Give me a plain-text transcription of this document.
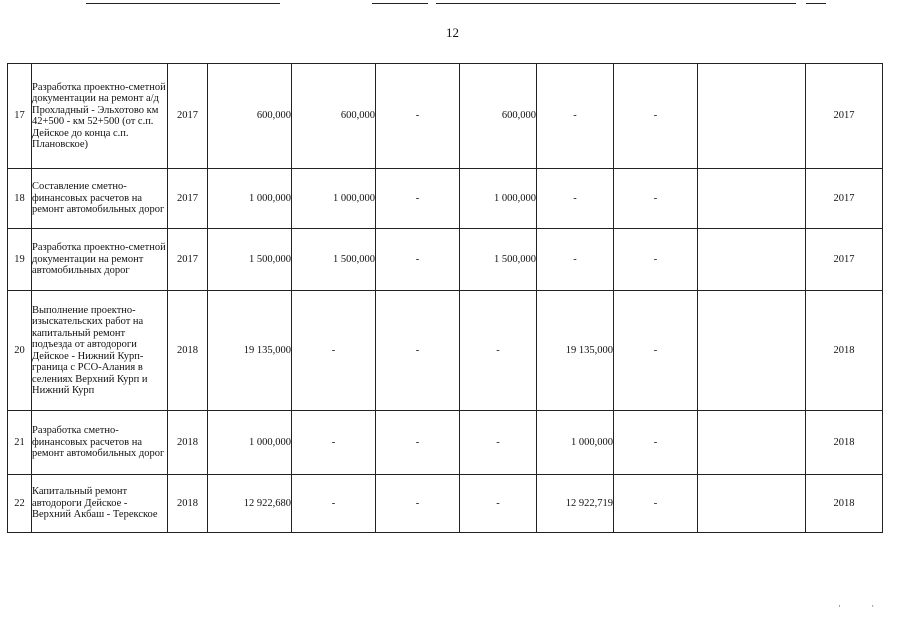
12
17	Разработка проектно-сметной документации на ремонт а/д Прохладный - Эльхотово км 42+500 - км 52+500 (от с.п. Дейское до конца с.п. Плановское)	2017	600,000	600,000	-	600,000	-	-		2017
18	Составление сметно-финансовых расчетов на ремонт автомобильных дорог	2017	1 000,000	1 000,000	-	1 000,000	-	-		2017
19	Разработка проектно-сметной документации на ремонт автомобильных дорог	2017	1 500,000	1 500,000	-	1 500,000	-	-		2017
20	Выполнение проектно-изыскательских работ на капитальный ремонт подъезда от автодороги Дейское - Нижний Курп-граница с РСО-Алания в селениях Верхний Курп и Нижний Курп	2018	19 135,000	-	-	-	19 135,000	-		2018
21	Разработка сметно-финансовых расчетов на ремонт автомобильных дорог	2018	1 000,000	-	-	-	1 000,000	-		2018
22	Капитальный ремонт автодороги Дейское - Верхний Акбаш - Терекское	2018	12 922,680	-	-	-	12 922,719	-		2018
· ·
